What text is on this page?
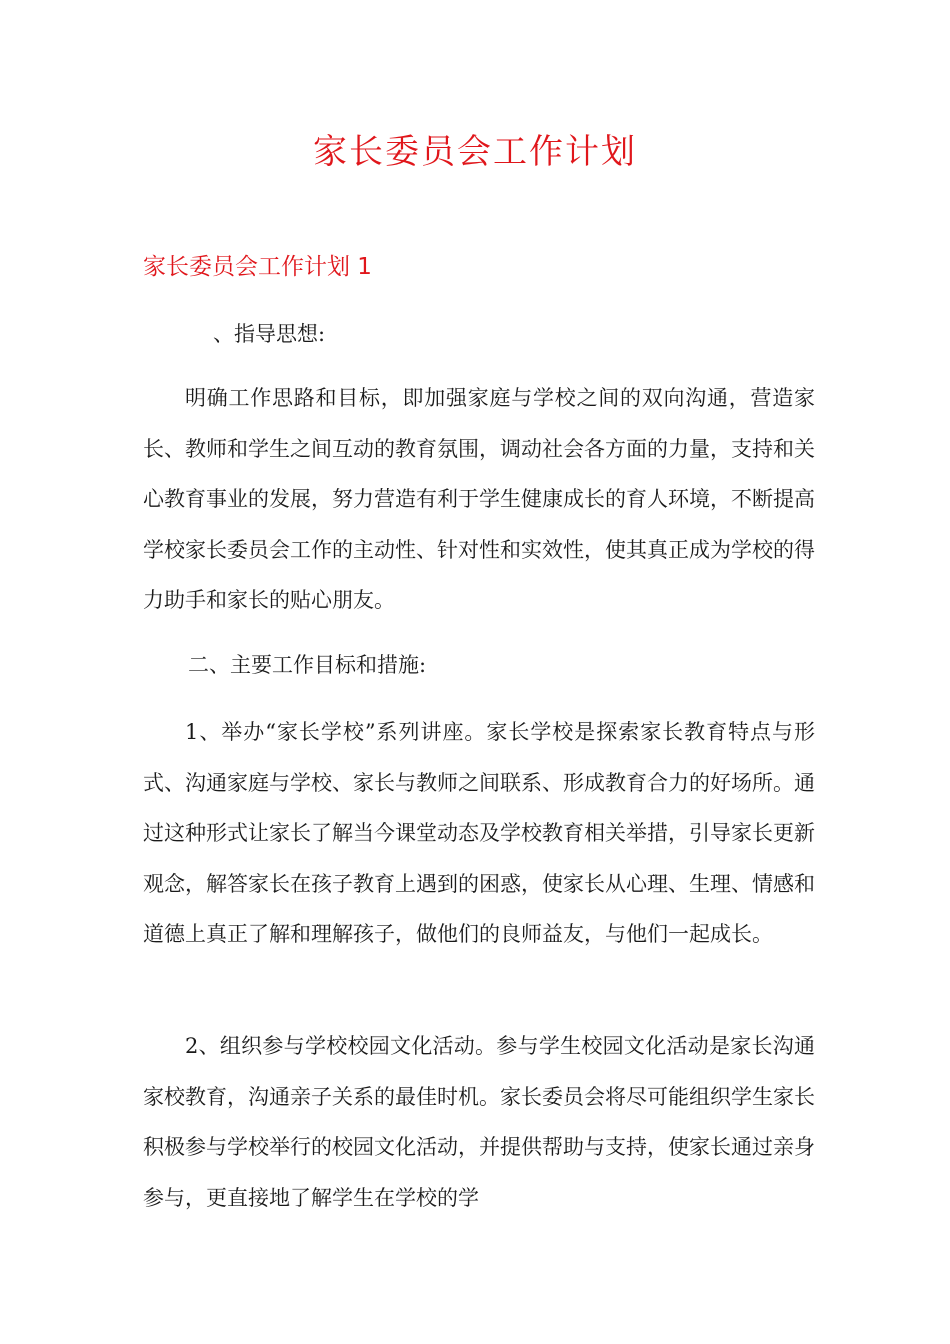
家长委员会工作计划
家长委员会工作计划 1

、指导思想:

明确工作思路和目标，即加强家庭与学校之间的双向沟通，营造家长、教师和学生之间互动的教育氛围，调动社会各方面的力量，支持和关心教育事业的发展，努力营造有利于学生健康成长的育人环境，不断提高学校家长委员会工作的主动性、针对性和实效性，使其真正成为学校的得力助手和家长的贴心朋友。

二、主要工作目标和措施:

1、举办“家长学校”系列讲座。家长学校是探索家长教育特点与形式、沟通家庭与学校、家长与教师之间联系、形成教育合力的好场所。通过这种形式让家长了解当今课堂动态及学校教育相关举措，引导家长更新观念，解答家长在孩子教育上遇到的困惑，使家长从心理、生理、情感和道德上真正了解和理解孩子，做他们的良师益友，与他们一起成长。

2、组织参与学校校园文化活动。参与学生校园文化活动是家长沟通家校教育，沟通亲子关系的最佳时机。家长委员会将尽可能组织学生家长积极参与学校举行的校园文化活动，并提供帮助与支持，使家长通过亲身参与，更直接地了解学生在学校的学
